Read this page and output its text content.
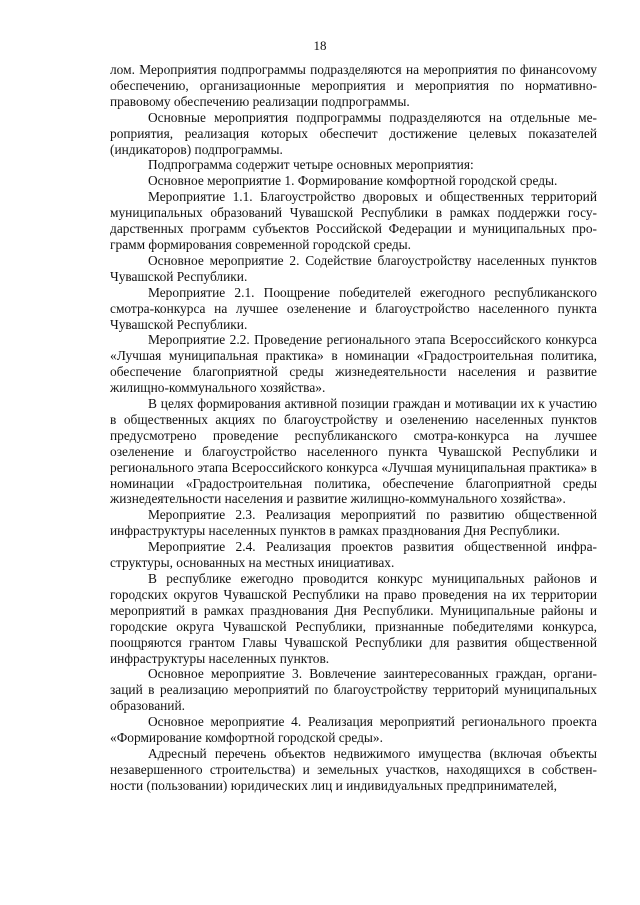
18

лом. Мероприятия подпрограммы подразделяются на мероприятия по финансоvому обеспечению, организационные мероприятия и мероприятия по нормативно-правовому обеспечению реализации подпрограммы.

Основные мероприятия подпрограммы подразделяются на отдельные мероприятия, реализация которых обеспечит достижение целевых показателей (индикаторов) подпрограммы.

Подпрограмма содержит четыре основных мероприятия:

Основное мероприятие 1. Формирование комфортной городской среды.

Мероприятие 1.1. Благоустройство дворовых и общественных территорий муниципальных образований Чувашской Республики в рамках поддержки государственных программ субъектов Российской Федерации и муниципальных программ формирования современной городской среды.

Основное мероприятие 2. Содействие благоустройству населенных пунктов Чувашской Республики.

Мероприятие 2.1. Поощрение победителей ежегодного республиканского смотра-конкурса на лучшее озеленение и благоустройство населенного пункта Чувашской Республики.

Мероприятие 2.2. Проведение регионального этапа Всероссийского конкурса «Лучшая муниципальная практика» в номинации «Градостроительная политика, обеспечение благоприятной среды жизнедеятельности населения и развитие жилищно-коммунального хозяйства».

В целях формирования активной позиции граждан и мотивации их к участию в общественных акциях по благоустройству и озеленению населенных пунктов предусмотрено проведение республиканского смотра-конкурса на лучшее озеленение и благоустройство населенного пункта Чувашской Республики и регионального этапа Всероссийского конкурса «Лучшая муниципальная практика» в номинации «Градостроительная политика, обеспечение благоприятной среды жизнедеятельности населения и развитие жилищно-коммунального хозяйства».

Мероприятие 2.3. Реализация мероприятий по развитию общественной инфраструктуры населенных пунктов в рамках празднования Дня Республики.

Мероприятие 2.4. Реализация проектов развития общественной инфраструктуры, основанных на местных инициативах.

В республике ежегодно проводится конкурс муниципальных районов и городских округов Чувашской Республики на право проведения на их территории мероприятий в рамках празднования Дня Республики. Муниципальные районы и городские округа Чувашской Республики, признанные победителями конкурса, поощряются грантом Главы Чувашской Республики для развития общественной инфраструктуры населенных пунктов.

Основное мероприятие 3. Вовлечение заинтересованных граждан, организаций в реализацию мероприятий по благоустройству территорий муниципальных образований.

Основное мероприятие 4. Реализация мероприятий регионального проекта «Формирование комфортной городской среды».

Адресный перечень объектов недвижимого имущества (включая объекты незавершенного строительства) и земельных участков, находящихся в собственности (пользовании) юридических лиц и индивидуальных предпринимателей,
